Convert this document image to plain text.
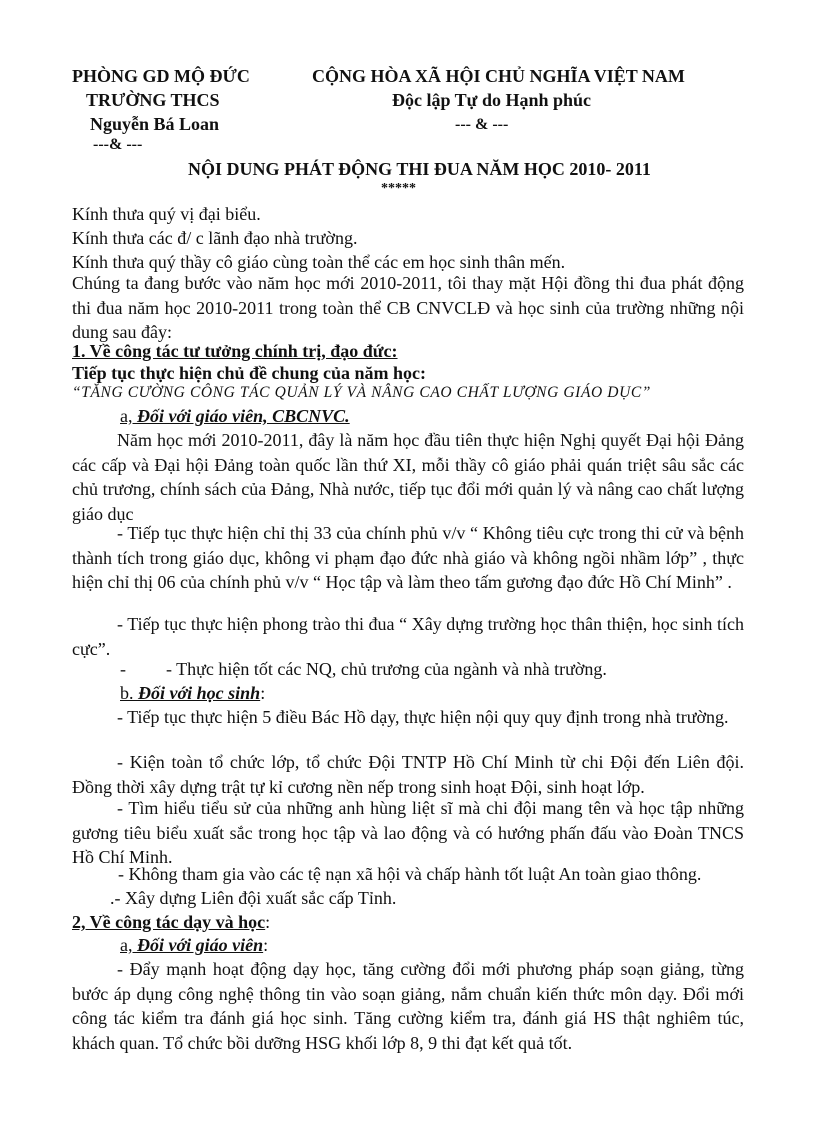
PHÒNG GD MỘ ĐỨC
TRƯỜNG THCS
Nguyễn Bá Loan
---& ---
CỘNG HÒA XÃ HỘI CHỦ NGHĨA VIỆT NAM
Độc lập Tự do Hạnh phúc
--- & ---
NỘI DUNG PHÁT ĐỘNG THI ĐUA NĂM HỌC 2010- 2011
*****
Kính thưa quý vị đại biểu.
Kính thưa các đ/ c lãnh đạo nhà trường.
Kính thưa quý thầy cô giáo cùng toàn thể các em học sinh thân mến.
Chúng ta đang bước vào năm học mới 2010-2011, tôi thay mặt Hội đồng thi đua phát động thi đua năm học 2010-2011 trong toàn thể CB CNVCLĐ và học sinh của trường những nội dung sau đây:
1. Về công tác tư tưởng chính trị, đạo đức:
Tiếp tục thực hiện chủ đề chung của năm học:
“TĂNG CƯỜNG CÔNG TÁC QUẢN LÝ VÀ NÂNG CAO CHẤT LƯỢNG GIÁO DỤC”
a, Đối với giáo viên, CBCNVC.
Năm học mới 2010-2011, đây là năm học đầu tiên thực hiện Nghị quyết Đại hội Đảng các cấp và Đại hội Đảng toàn quốc lần thứ XI, mỗi thầy cô giáo phải quán triệt sâu sắc các chủ trương, chính sách của Đảng, Nhà nước, tiếp tục đổi mới quản lý và nâng cao chất lượng giáo dục
- Tiếp tục thực hiện chỉ thị 33 của chính phủ v/v “ Không tiêu cực trong thi cử và bệnh thành tích trong giáo dục, không vi phạm đạo đức nhà giáo và không ngồi nhầm lớp” , thực hiện chỉ thị 06 của chính phủ v/v “ Học tập và làm theo tấm gương đạo đức Hồ Chí Minh” .
- Tiếp tục thực hiện phong trào thi đua “ Xây dựng trường học thân thiện, học sinh tích cực”.
- - Thực hiện tốt các NQ, chủ trương của ngành và nhà trường.
b. Đối với học sinh:
- Tiếp tục thực hiện 5 điều Bác Hồ dạy, thực hiện nội quy quy định trong nhà trường.
- Kiện toàn tổ chức lớp, tổ chức Đội TNTP Hồ Chí Minh từ chi Đội đến Liên đội. Đồng thời xây dựng trật tự kỉ cương nền nếp trong sinh hoạt Đội, sinh hoạt lớp.
- Tìm hiểu tiểu sử của những anh hùng liệt sĩ mà chi đội mang tên và học tập những gương tiêu biểu xuất sắc trong học tập và lao động và có hướng phấn đấu vào Đoàn TNCS Hồ Chí Minh.
- Không tham gia vào các tệ nạn xã hội và chấp hành tốt luật An toàn giao thông.
.- Xây dựng Liên đội xuất sắc cấp Tỉnh.
2, Về công tác dạy và học:
a, Đối với giáo viên:
- Đẩy mạnh hoạt động dạy học, tăng cường đổi mới phương pháp soạn giảng, từng bước áp dụng công nghệ thông tin vào soạn giảng, nắm chuẩn kiến thức môn dạy. Đổi mới công tác kiểm tra đánh giá học sinh. Tăng cường kiểm tra, đánh giá HS thật nghiêm túc, khách quan. Tổ chức bồi dưỡng HSG khối lớp 8, 9 thi đạt kết quả tốt.
